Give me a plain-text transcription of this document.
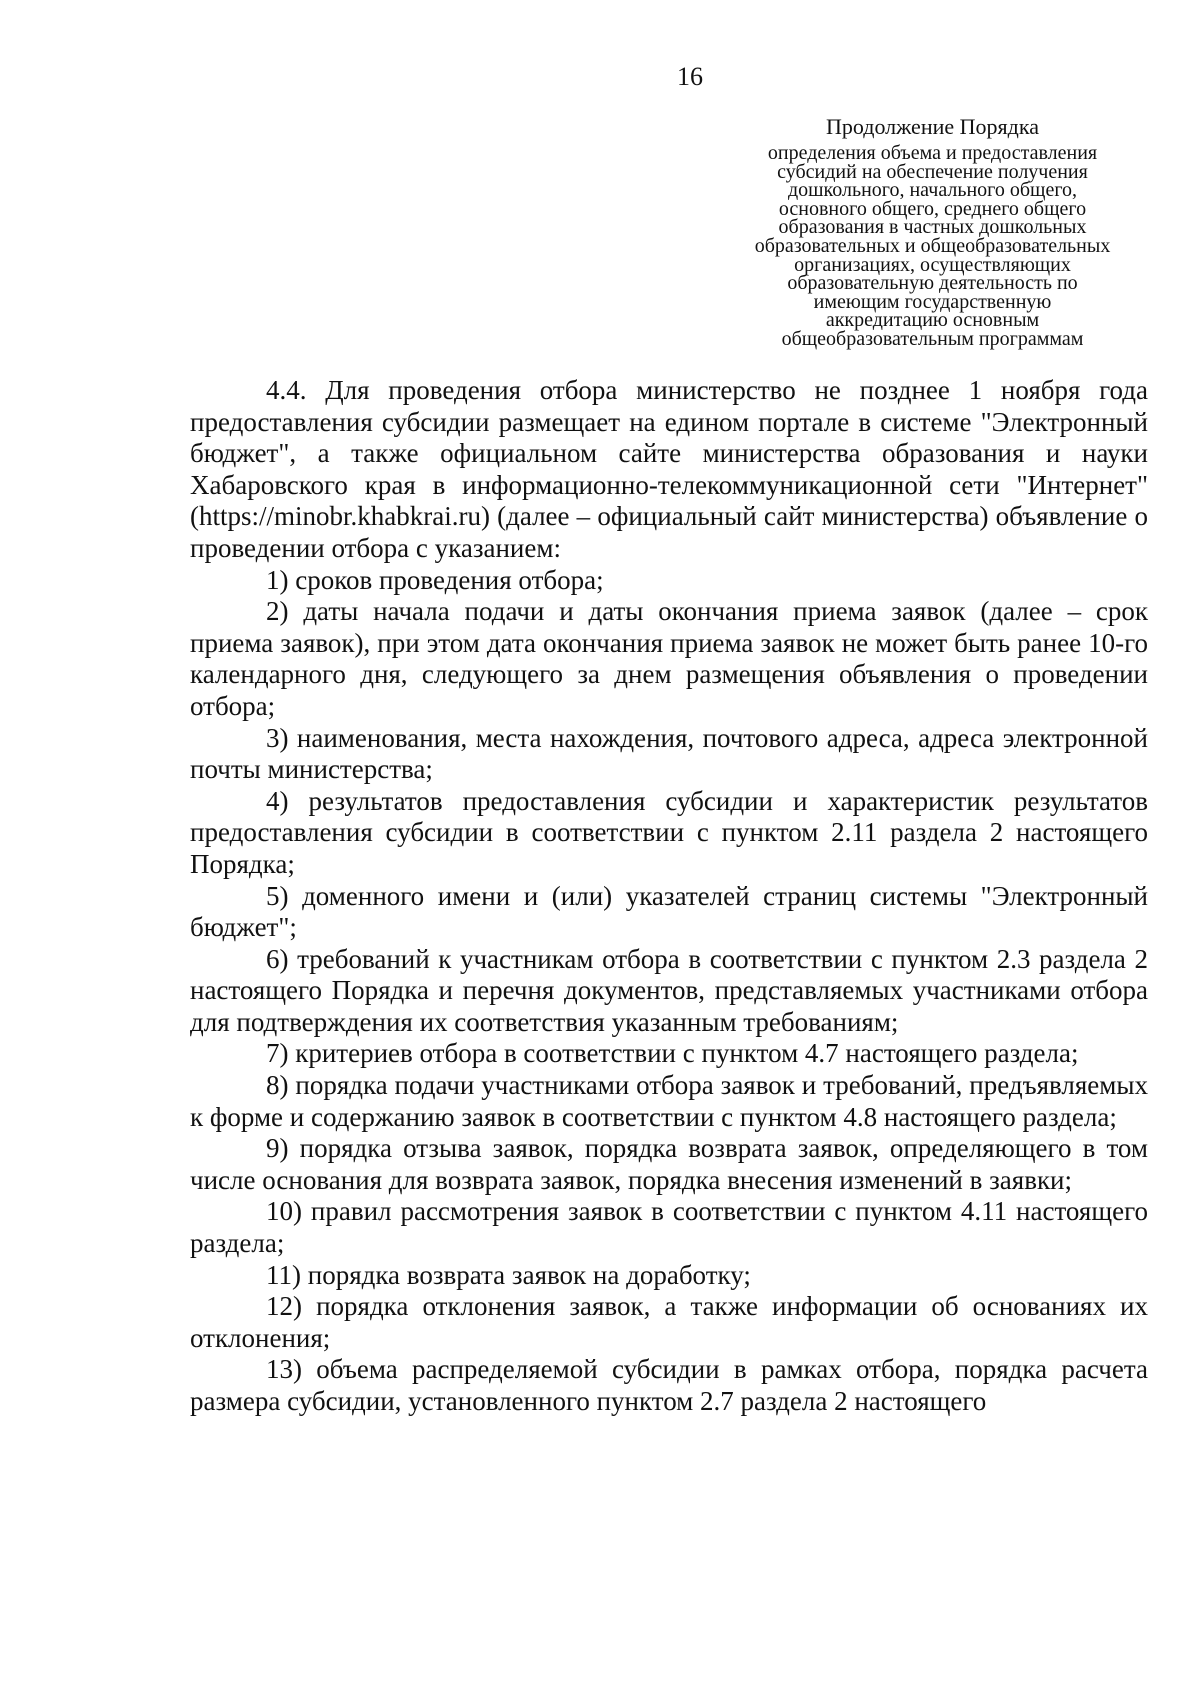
16
Продолжение Порядка
определения объема и предоставления
субсидий на обеспечение получения
дошкольного, начального общего,
основного общего, среднего общего
образования в частных дошкольных
образовательных и общеобразовательных
организациях, осуществляющих
образовательную деятельность по
имеющим государственную
аккредитацию основным
общеобразовательным программам

4.4. Для проведения отбора министерство не позднее 1 ноября года предоставления субсидии размещает на едином портале в системе "Электронный бюджет", а также официальном сайте министерства образования и науки Хабаровского края в информационно-телекоммуникационной сети "Интернет" (https://minobr.khabkrai.ru) (далее – официальный сайт министерства) объявление о проведении отбора с указанием:

1) сроков проведения отбора;

2) даты начала подачи и даты окончания приема заявок (далее – срок приема заявок), при этом дата окончания приема заявок не может быть ранее 10-го календарного дня, следующего за днем размещения объявления о проведении отбора;

3) наименования, места нахождения, почтового адреса, адреса электронной почты министерства;

4) результатов предоставления субсидии и характеристик результатов предоставления субсидии в соответствии с пунктом 2.11 раздела 2 настоящего Порядка;

5) доменного имени и (или) указателей страниц системы "Электронный бюджет";

6) требований к участникам отбора в соответствии с пунктом 2.3 раздела 2 настоящего Порядка и перечня документов, представляемых участниками отбора для подтверждения их соответствия указанным требованиям;

7) критериев отбора в соответствии с пунктом 4.7 настоящего раздела;

8) порядка подачи участниками отбора заявок и требований, предъявляемых к форме и содержанию заявок в соответствии с пунктом 4.8 настоящего раздела;

9) порядка отзыва заявок, порядка возврата заявок, определяющего в том числе основания для возврата заявок, порядка внесения изменений в заявки;

10) правил рассмотрения заявок в соответствии с пунктом 4.11 настоящего раздела;

11) порядка возврата заявок на доработку;

12) порядка отклонения заявок, а также информации об основаниях их отклонения;

13) объема распределяемой субсидии в рамках отбора, порядка расчета размера субсидии, установленного пунктом 2.7 раздела 2 настоящего
